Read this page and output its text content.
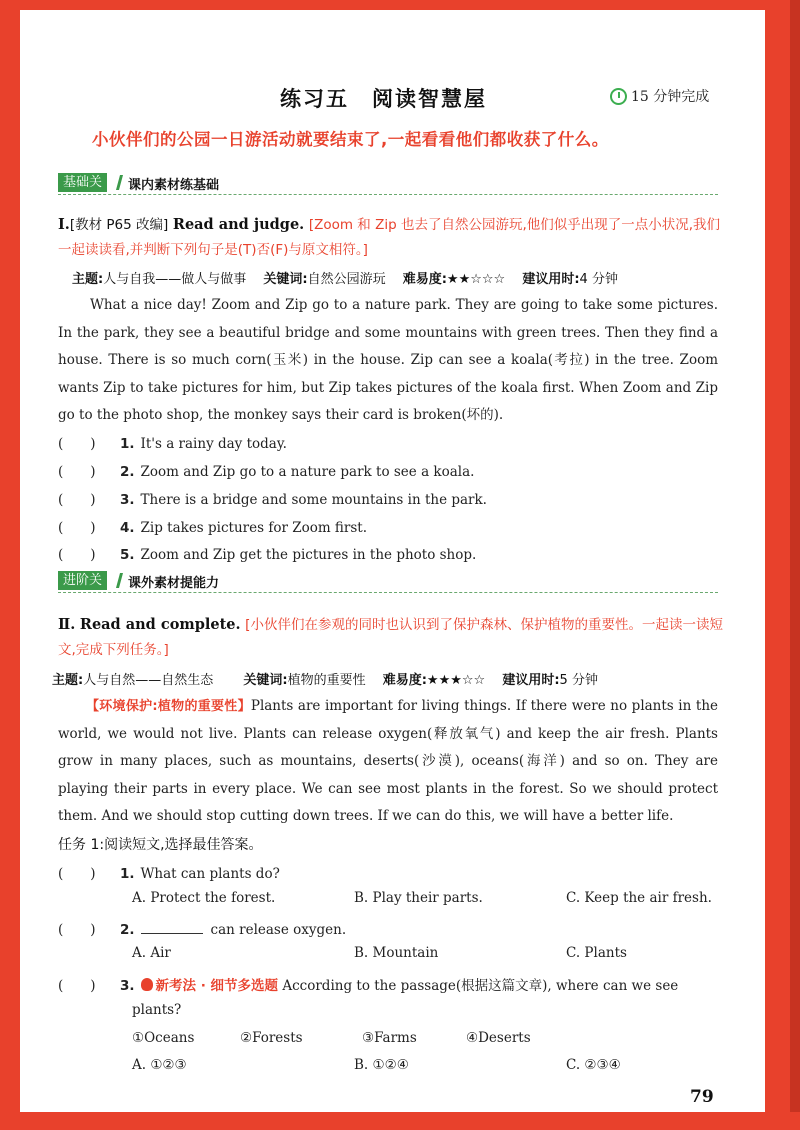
练习五　阅读智慧屋	15 分钟完成
小伙伴们的公园一日游活动就要结束了,一起看看他们都收获了什么。
基础关	课内素材练基础
Ⅰ.[教材 P65 改编] Read and judge. [Zoom 和 Zip 也去了自然公园游玩,他们似乎出现了一点小状况,我们一起读读看,并判断下列句子是(T)否(F)与原文相符。]
主题:人与自我——做人与做事　 关键词:自然公园游玩　 难易度:★★☆☆☆　 建议用时:4 分钟
What a nice day! Zoom and Zip go to a nature park. They are going to take some pictures. In the park, they see a beautiful bridge and some mountains with green trees. Then they find a house. There is so much corn(玉米) in the house. Zip can see a koala(考拉) in the tree. Zoom wants Zip to take pictures for him, but Zip takes pictures of the koala first. When Zoom and Zip go to the photo shop, the monkey says their card is broken(坏的).
(　　) 1. It's a rainy day today.
(　　) 2. Zoom and Zip go to a nature park to see a koala.
(　　) 3. There is a bridge and some mountains in the park.
(　　) 4. Zip takes pictures for Zoom first.
(　　) 5. Zoom and Zip get the pictures in the photo shop.
进阶关	课外素材提能力
Ⅱ. Read and complete. [小伙伴们在参观的同时也认识到了保护森林、保护植物的重要性。一起读一读短文,完成下列任务。]
主题:人与自然——自然生态　　 关键词:植物的重要性　 难易度:★★★☆☆　 建议用时:5 分钟
【环境保护:植物的重要性】Plants are important for living things. If there were no plants in the world, we would not live. Plants can release oxygen(释放氧气) and keep the air fresh. Plants grow in many places, such as mountains, deserts(沙漠), oceans(海洋) and so on. They are playing their parts in every place. We can see most plants in the forest. So we should protect them. And we should stop cutting down trees. If we can do this, we will have a better life.
任务 1:阅读短文,选择最佳答案。
(　　) 1. What can plants do?
A. Protect the forest.	B. Play their parts.	C. Keep the air fresh.
(　　) 2.	can release oxygen.
A. Air	B. Mountain	C. Plants
(　　) 3. 新考法 · 细节多选题 According to the passage(根据这篇文章), where can we see
plants?
①Oceans	②Forests	③Farms	④Deserts
A. ①②③	B. ①②④	C. ②③④
79
